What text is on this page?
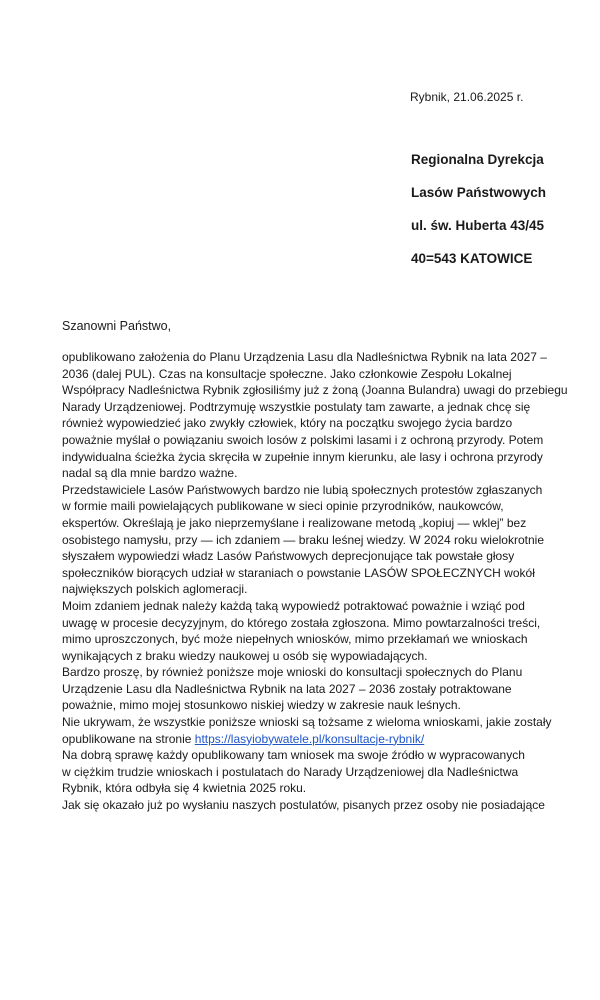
Rybnik, 21.06.2025 r.
Regionalna Dyrekcja
Lasów Państwowych
ul. św. Huberta 43/45
40=543 KATOWICE
Szanowni Państwo,

opublikowano założenia do Planu Urządzenia Lasu dla Nadleśnictwa Rybnik na lata 2027 –
2036 (dalej PUL). Czas na konsultacje społeczne. Jako członkowie Zespołu Lokalnej
Współpracy Nadleśnictwa Rybnik zgłosiliśmy już z żoną (Joanna Bulandra) uwagi do przebiegu
Narady Urządzeniowej. Podtrzymuję wszystkie postulaty tam zawarte, a jednak chcę się
również wypowiedzieć jako zwykły człowiek, który na początku swojego życia bardzo
poważnie myślał o powiązaniu swoich losów z polskimi lasami i z ochroną przyrody. Potem
indywidualna ścieżka życia skręciła w zupełnie innym kierunku, ale lasy i ochrona przyrody
nadal są dla mnie bardzo ważne.

Przedstawiciele Lasów Państwowych bardzo nie lubią społecznych protestów zgłaszanych
w formie maili powielających publikowane w sieci opinie przyrodników, naukowców,
ekspertów. Określają je jako nieprzemyślane i realizowane metodą „kopiuj — wklej” bez
osobistego namysłu, przy — ich zdaniem — braku leśnej wiedzy. W 2024 roku wielokrotnie
słyszałem wypowiedzi władz Lasów Państwowych deprecjonujące tak powstałe głosy
społeczników biorących udział w staraniach o powstanie LASÓW SPOŁECZNYCH wokół
największych polskich aglomeracji.

Moim zdaniem jednak należy każdą taką wypowiedź potraktować poważnie i wziąć pod
uwagę w procesie decyzyjnym, do którego została zgłoszona. Mimo powtarzalności treści,
mimo uproszczonych, być może niepełnych wniosków, mimo przekłamań we wnioskach
wynikających z braku wiedzy naukowej u osób się wypowiadających.

Bardzo proszę, by również poniższe moje wnioski do konsultacji społecznych do Planu
Urządzenie Lasu dla Nadleśnictwa Rybnik na lata 2027 – 2036 zostały potraktowane
poważnie, mimo mojej stosunkowo niskiej wiedzy w zakresie nauk leśnych.

Nie ukrywam, że wszystkie poniższe wnioski są tożsame z wieloma wnioskami, jakie zostały
opublikowane na stronie https://lasyiobywatele.pl/konsultacje-rybnik/

Na dobrą sprawę każdy opublikowany tam wniosek ma swoje źródło w wypracowanych
w ciężkim trudzie wnioskach i postulatach do Narady Urządzeniowej dla Nadleśnictwa
Rybnik, która odbyła się 4 kwietnia 2025 roku.

Jak się okazało już po wysłaniu naszych postulatów, pisanych przez osoby nie posiadające
